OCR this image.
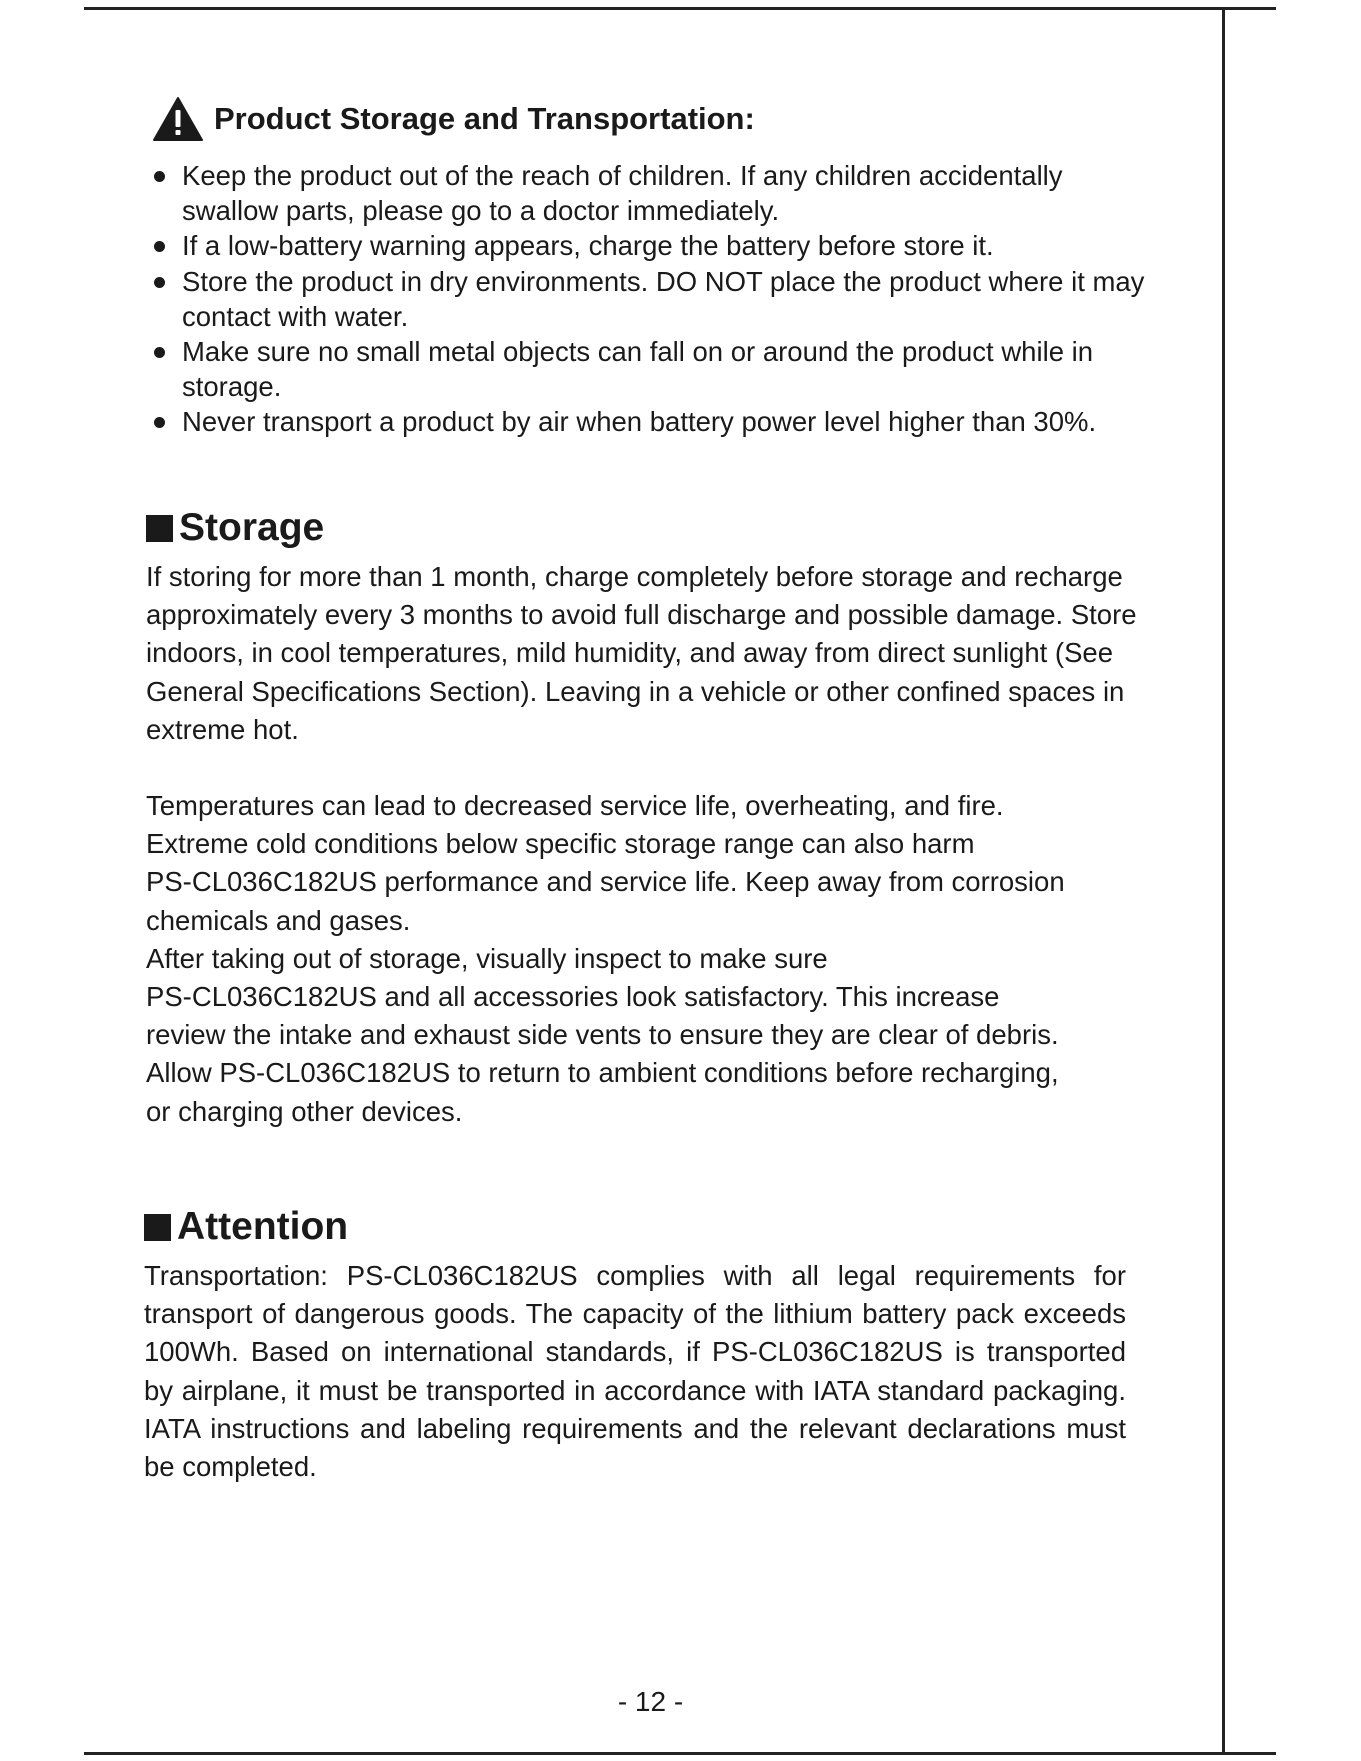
Product Storage and Transportation:
Keep the product out of the reach of children. If any children accidentally swallow parts, please go to a doctor immediately.
If a low-battery warning appears, charge the battery before store it.
Store the product in dry environments. DO NOT place the product where it may contact with water.
Make sure no small metal objects can fall on or around the product while in storage.
Never transport a product by air when battery power level higher than 30%.
Storage

If storing for more than 1 month, charge completely before storage and recharge approximately every 3 months to avoid full discharge and possible damage. Store indoors, in cool temperatures, mild humidity, and away from direct sunlight (See General Specifications Section). Leaving in a vehicle or other confined spaces in extreme hot.

Temperatures can lead to decreased service life, overheating, and fire.
Extreme cold conditions below specific storage range can also harm
PS-CL036C182US performance and service life. Keep away from corrosion
chemicals and gases.
After taking out of storage, visually inspect to make sure
PS-CL036C182US and all accessories look satisfactory. This increase
review the intake and exhaust side vents to ensure they are clear of debris.
Allow PS-CL036C182US to return to ambient conditions before recharging,
or charging other devices.
Attention

Transportation: PS-CL036C182US complies with all legal requirements for transport of dangerous goods. The capacity of the lithium battery pack exceeds 100Wh. Based on international standards, if PS-CL036C182US is transported by airplane, it must be transported in accordance with IATA standard packaging. IATA instructions and labeling requirements and the relevant declarations must be completed.

- 12 -
